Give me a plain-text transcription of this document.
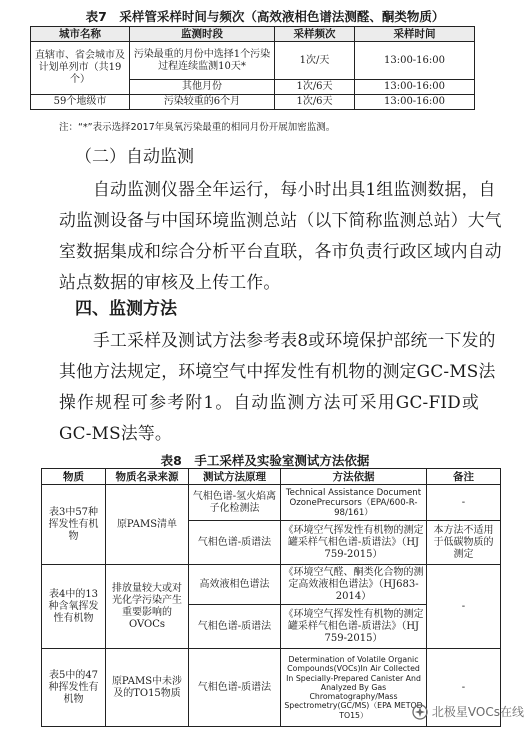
表7　采样管采样时间与频次（高效液相色谱法测醛、酮类物质）
城市名称	监测时段	采样频次	采样时间
直辖市、省会城市及计划单列市（共19个）	污染最重的月份中选择1个污染过程连续监测10天*	1次/天	13:00-16:00
	其他月份	1次/6天	13:00-16:00
59个地级市	污染较重的6个月	1次/6天	13:00-16:00
注：“*”表示选择2017年臭氧污染最重的相同月份开展加密监测。
（二）自动监测
自动监测仪器全年运行，每小时出具1组监测数据，自
动监测设备与中国环境监测总站（以下简称监测总站）大气
室数据集成和综合分析平台直联，各市负责行政区域内自动
站点数据的审核及上传工作。
四、监测方法
手工采样及测试方法参考表8或环境保护部统一下发的
其他方法规定，环境空气中挥发性有机物的测定GC-MS法
操作规程可参考附1。自动监测方法可采用GC-FID或
GC-MS法等。
表8　手工采样及实验室测试方法依据
物质	物质名录来源	测试方法原理	方法依据	备注
表3中57种挥发性有机物	原PAMS清单	气相色谱-氢火焰离子化检测法	Technical Assistance Document OzonePrecursors（EPA/600-R-98/161）	-
		气相色谱-质谱法	《环境空气挥发性有机物的测定罐采样气相色谱-质谱法》（HJ 759-2015）	本方法不适用于低碳物质的测定
表4中的13种含氧挥发性有机物	排放量较大或对光化学污染产生重要影响的OVOCs	高效液相色谱法	《环境空气醛、酮类化合物的测定高效液相色谱法》（HJ683-2014）	-
		气相色谱-质谱法	《环境空气挥发性有机物的测定罐采样气相色谱-质谱法》（HJ 759-2015）	
表5中的47种挥发性有机物	原PAMS中未涉及的TO15物质	气相色谱-质谱法	Determination of Volatile Organic Compounds(VOCs)In Air Collected In Specially-Prepared Canister And Analyzed By Gas Chromatography/Mass Spectrometry(GC/MS)（EPA METOD TO15）	-
北极星VOCs在线
